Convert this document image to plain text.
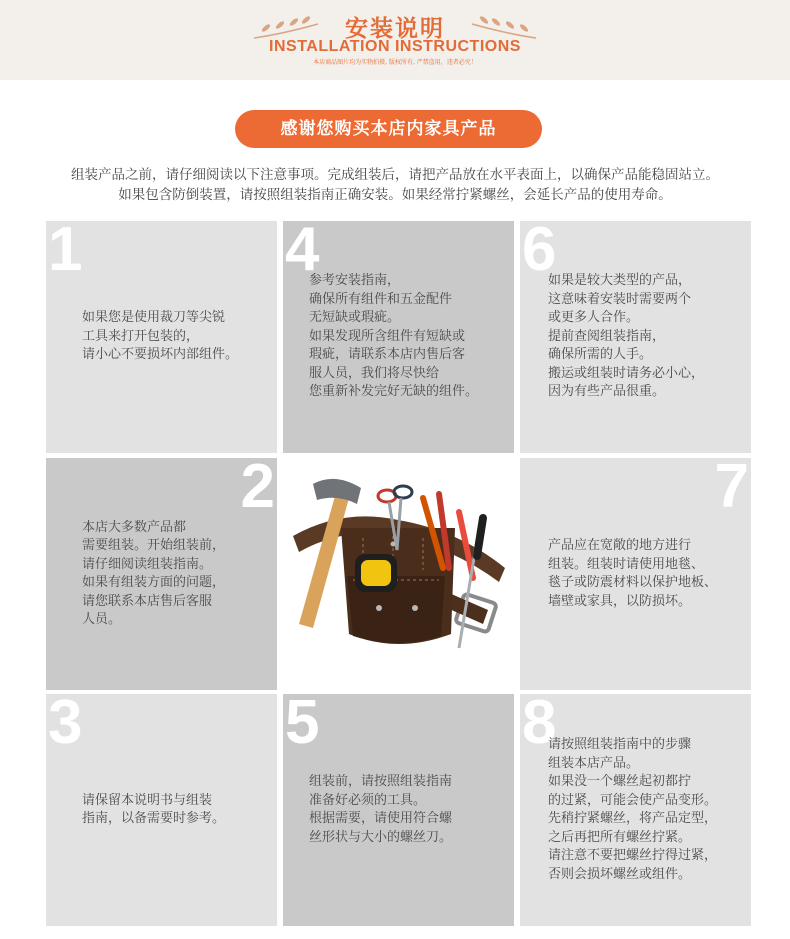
安装说明
INSTALLATION INSTRUCTIONS
本店商品图片均为实物拍摄, 版权所有, 严禁盗用，违者必究！
感谢您购买本店内家具产品
组装产品之前，请仔细阅读以下注意事项。完成组装后，请把产品放在水平表面上，以确保产品能稳固站立。
如果包含防倒装置，请按照组装指南正确安装。如果经常拧紧螺丝，会延长产品的使用寿命。
1
如果您是使用裁刀等尖锐
工具来打开包装的，
请小心不要损坏内部组件。
4
参考安装指南，
确保所有组件和五金配件
无短缺或瑕疵。
如果发现所含组件有短缺或
瑕疵，请联系本店内售后客
服人员，我们将尽快给
您重新补发完好无缺的组件。
6
如果是较大类型的产品，
这意味着安装时需要两个
或更多人合作。
提前查阅组装指南，
确保所需的人手。
搬运或组装时请务必小心，
因为有些产品很重。
2
本店大多数产品都
需要组装。开始组装前，
请仔细阅读组装指南。
如果有组装方面的问题，
请您联系本店售后客服
人员。
7
产品应在宽敞的地方进行
组装。组装时请使用地毯、
毯子或防震材料以保护地板、
墙壁或家具，以防损坏。
3
请保留本说明书与组装
指南，以备需要时参考。
5
组装前，请按照组装指南
准备好必须的工具。
根据需要，请使用符合螺
丝形状与大小的螺丝刀。
8
请按照组装指南中的步骤
组装本店产品。
如果没一个螺丝起初都拧
的过紧，可能会使产品变形。
先稍拧紧螺丝，将产品定型，
之后再把所有螺丝拧紧。
请注意不要把螺丝拧得过紧，
否则会损坏螺丝或组件。
